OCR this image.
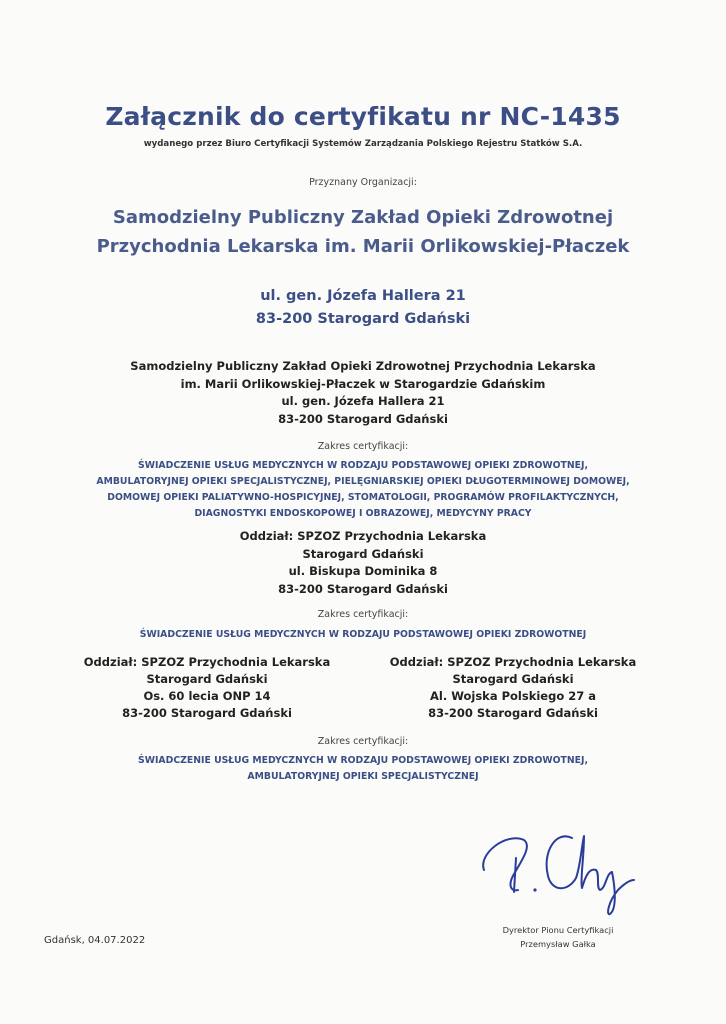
Załącznik do certyfikatu nr NC-1435
wydanego przez Biuro Certyfikacji Systemów Zarządzania Polskiego Rejestru Statków S.A.
Przyznany Organizacji:
Samodzielny Publiczny Zakład Opieki Zdrowotnej
Przychodnia Lekarska im. Marii Orlikowskiej-Płaczek
ul. gen. Józefa Hallera 21
83-200 Starogard Gdański
Samodzielny Publiczny Zakład Opieki Zdrowotnej Przychodnia Lekarska
im. Marii Orlikowskiej-Płaczek w Starogardzie Gdańskim
ul. gen. Józefa Hallera 21
83-200 Starogard Gdański
Zakres certyfikacji:
ŚWIADCZENIE USŁUG MEDYCZNYCH W RODZAJU PODSTAWOWEJ OPIEKI ZDROWOTNEJ,
AMBULATORYJNEJ OPIEKI SPECJALISTYCZNEJ, PIELĘGNIARSKIEJ OPIEKI DŁUGOTERMINOWEJ DOMOWEJ,
DOMOWEJ OPIEKI PALIATYWNO-HOSPICYJNEJ, STOMATOLOGII, PROGRAMÓW PROFILAKTYCZNYCH,
DIAGNOSTYKI ENDOSKOPOWEJ I OBRAZOWEJ, MEDYCYNY PRACY
Oddział: SPZOZ Przychodnia Lekarska
Starogard Gdański
ul. Biskupa Dominika 8
83-200 Starogard Gdański
Zakres certyfikacji:
ŚWIADCZENIE USŁUG MEDYCZNYCH W RODZAJU PODSTAWOWEJ OPIEKI ZDROWOTNEJ
Oddział: SPZOZ Przychodnia Lekarska
Starogard Gdański
Os. 60 lecia ONP 14
83-200 Starogard Gdański
Oddział: SPZOZ Przychodnia Lekarska
Starogard Gdański
Al. Wojska Polskiego 27 a
83-200 Starogard Gdański
Zakres certyfikacji:
ŚWIADCZENIE USŁUG MEDYCZNYCH W RODZAJU PODSTAWOWEJ OPIEKI ZDROWOTNEJ,
AMBULATORYJNEJ OPIEKI SPECJALISTYCZNEJ
Gdańsk, 04.07.2022
Dyrektor Pionu Certyfikacji
Przemysław Gałka
